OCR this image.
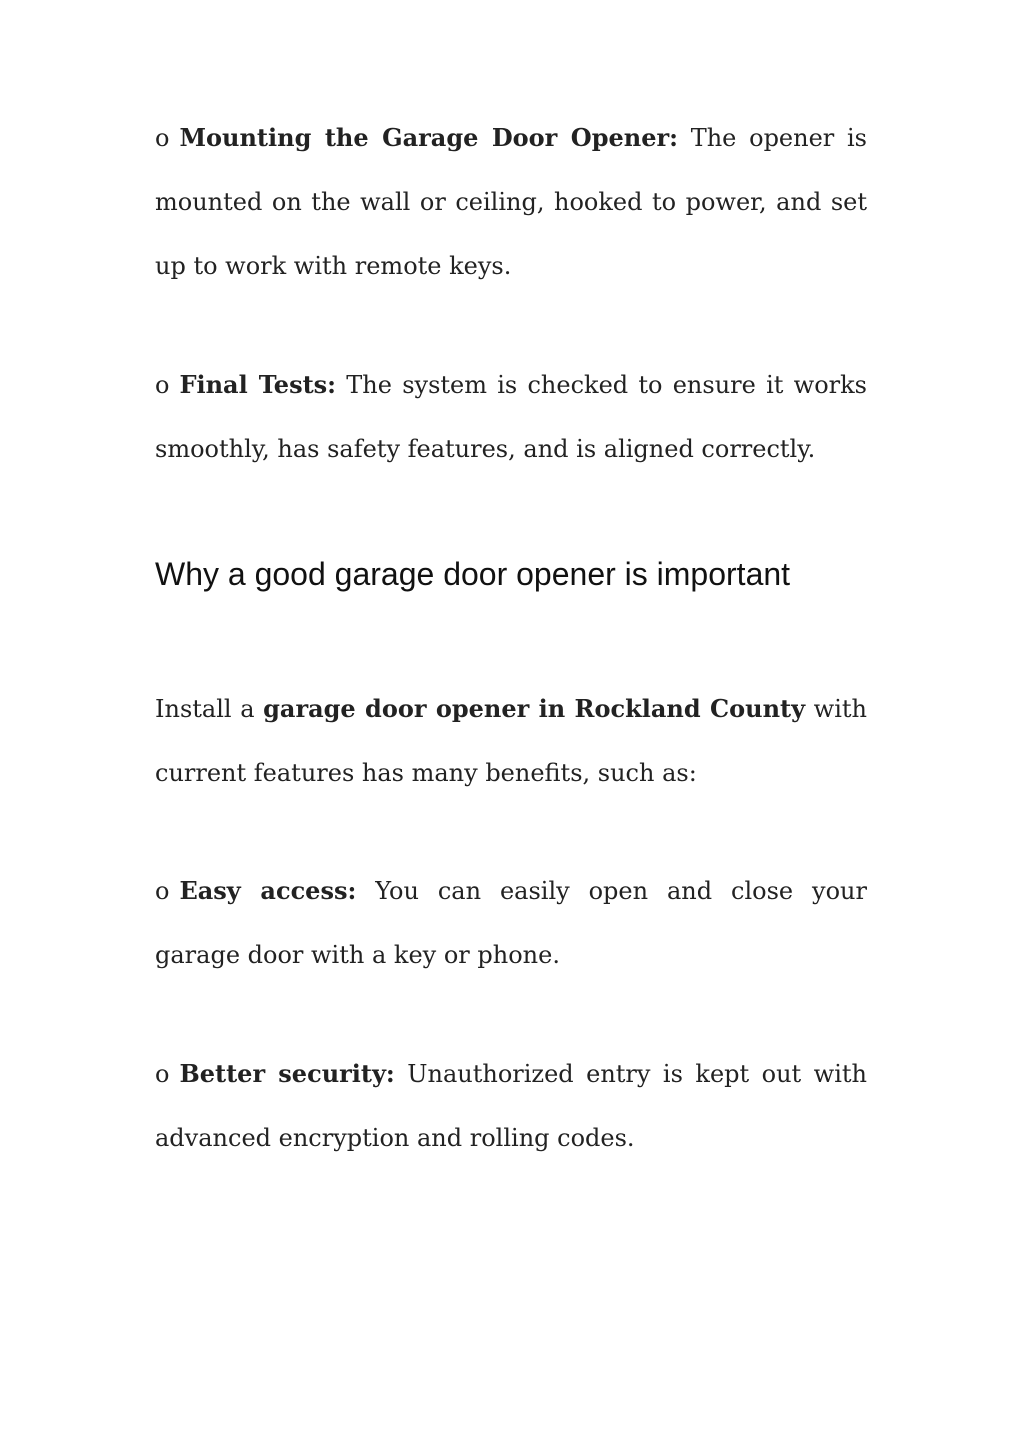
o Mounting the Garage Door Opener: The opener is mounted on the wall or ceiling, hooked to power, and set up to work with remote keys.

o Final Tests: The system is checked to ensure it works smoothly, has safety features, and is aligned correctly.

Why a good garage door opener is important

Install a garage door opener in Rockland County with current features has many benefits, such as:

o Easy access: You can easily open and close your garage door with a key or phone.

o Better security: Unauthorized entry is kept out with advanced encryption and rolling codes.
